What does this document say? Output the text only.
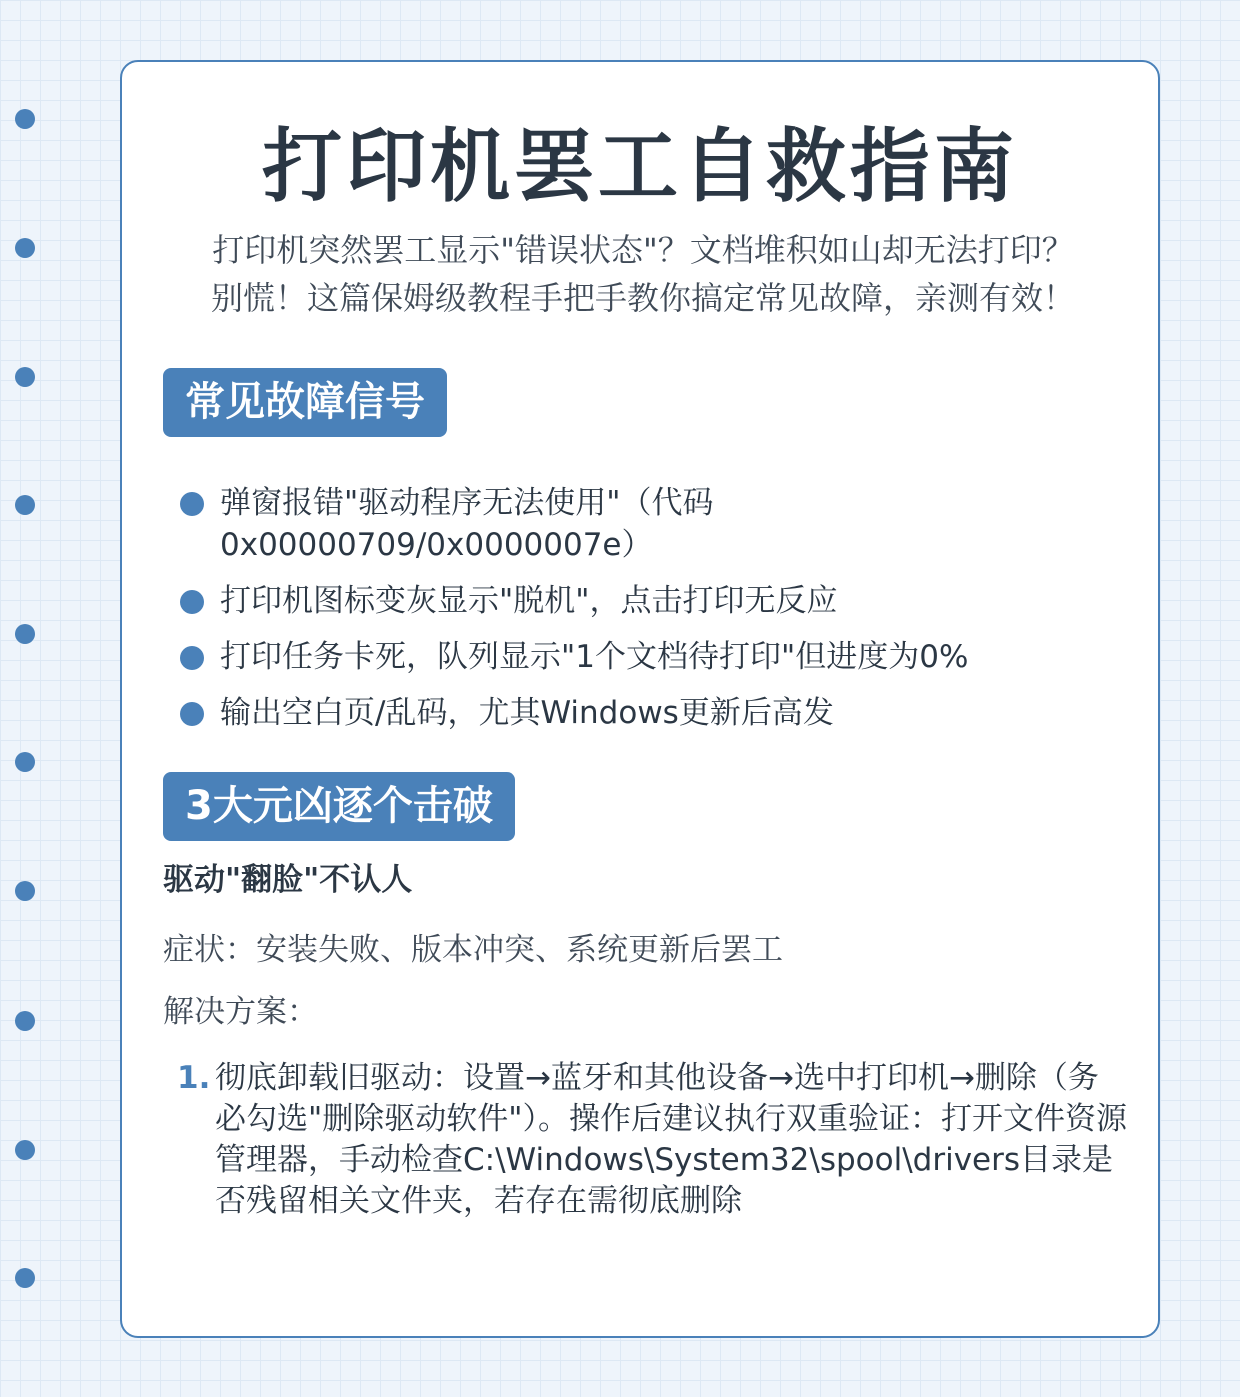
打印机罢工自救指南
打印机突然罢工显示"错误状态"？文档堆积如山却无法打印？
别慌！这篇保姆级教程手把手教你搞定常见故障，亲测有效！
常见故障信号
弹窗报错"驱动程序无法使用"（代码0x00000709/0x0000007e）
打印机图标变灰显示"脱机"，点击打印无反应
打印任务卡死，队列显示"1个文档待打印"但进度为0%
输出空白页/乱码，尤其Windows更新后高发
3大元凶逐个击破
驱动"翻脸"不认人
症状：安装失败、版本冲突、系统更新后罢工
解决方案：
1. 彻底卸载旧驱动：设置→蓝牙和其他设备→选中打印机→删除（务必勾选"删除驱动软件"）。操作后建议执行双重验证：打开文件资源管理器，手动检查C:\Windows\System32\spool\drivers目录是否残留相关文件夹，若存在需彻底删除
